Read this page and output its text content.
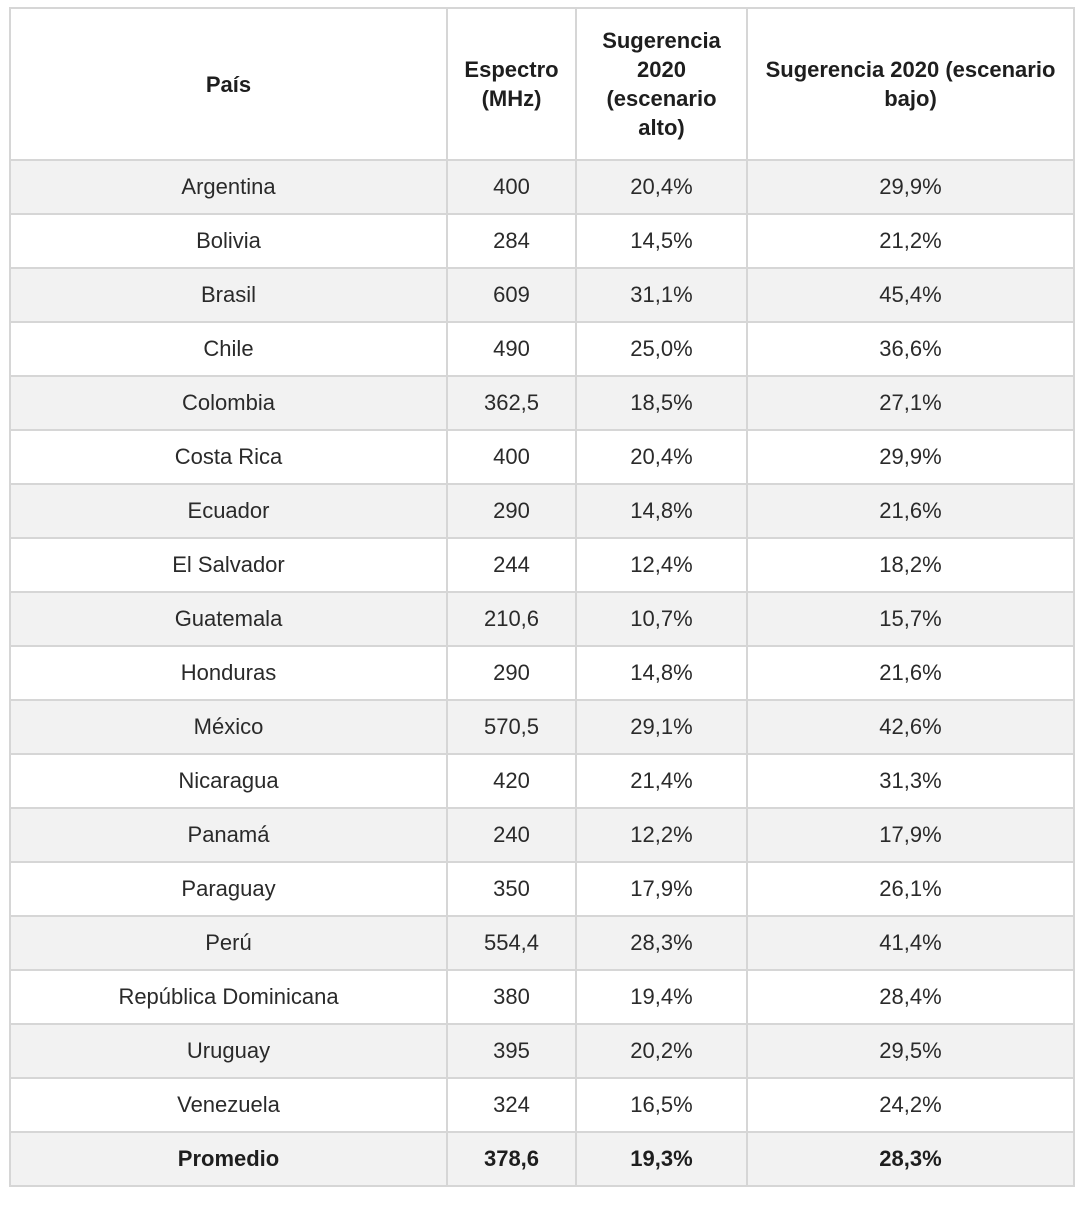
País	Espectro (MHz)	Sugerencia 2020 (escenario alto)	Sugerencia 2020 (escenario bajo)
Argentina	400	20,4%	29,9%
Bolivia	284	14,5%	21,2%
Brasil	609	31,1%	45,4%
Chile	490	25,0%	36,6%
Colombia	362,5	18,5%	27,1%
Costa Rica	400	20,4%	29,9%
Ecuador	290	14,8%	21,6%
El Salvador	244	12,4%	18,2%
Guatemala	210,6	10,7%	15,7%
Honduras	290	14,8%	21,6%
México	570,5	29,1%	42,6%
Nicaragua	420	21,4%	31,3%
Panamá	240	12,2%	17,9%
Paraguay	350	17,9%	26,1%
Perú	554,4	28,3%	41,4%
República Dominicana	380	19,4%	28,4%
Uruguay	395	20,2%	29,5%
Venezuela	324	16,5%	24,2%
Promedio	378,6	19,3%	28,3%
